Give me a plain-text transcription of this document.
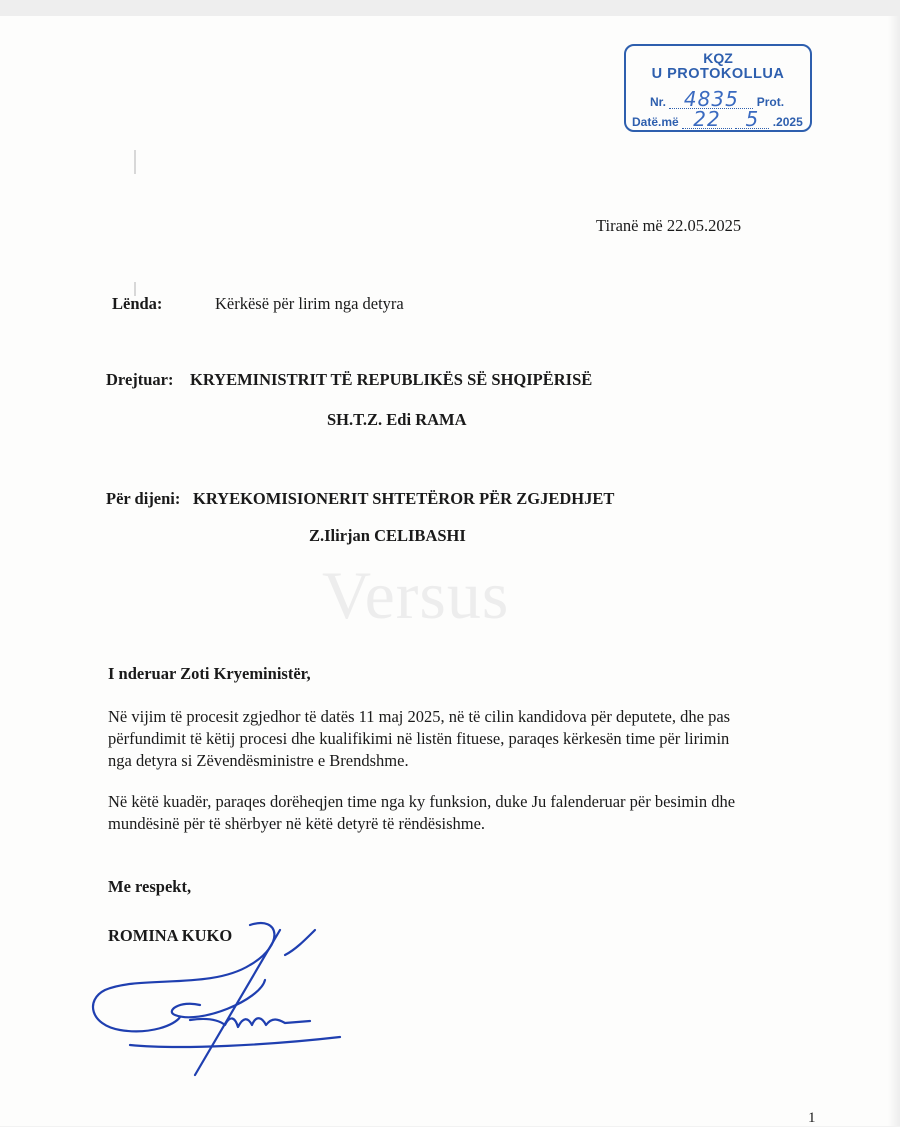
KQZ
U PROTOKOLLUA
Nr. 4835 Prot.
Datë.më 22 5 .2025
Tiranë më 22.05.2025
Lënda:	Kërkësë për lirim nga detyra
Drejtuar: KRYEMINISTRIT TË REPUBLIKËS SË SHQIPËRISË
SH.T.Z. Edi RAMA
Për dijeni: KRYEKOMISIONERIT SHTETËROR PËR ZGJEDHJET
Z.Ilirjan CELIBASHI
Versus
I nderuar Zoti Kryeministër,
Në vijim të procesit zgjedhor të datës 11 maj 2025, në të cilin kandidova për deputete, dhe pas
përfundimit të këtij procesi dhe kualifikimi në listën fituese, paraqes kërkesën time për lirimin
nga detyra si Zëvendësministre e Brendshme.
Në këtë kuadër, paraqes dorëheqjen time nga ky funksion, duke Ju falenderuar për besimin dhe
mundësinë për të shërbyer në këtë detyrë të rëndësishme.
Me respekt,
ROMINA KUKO
1
